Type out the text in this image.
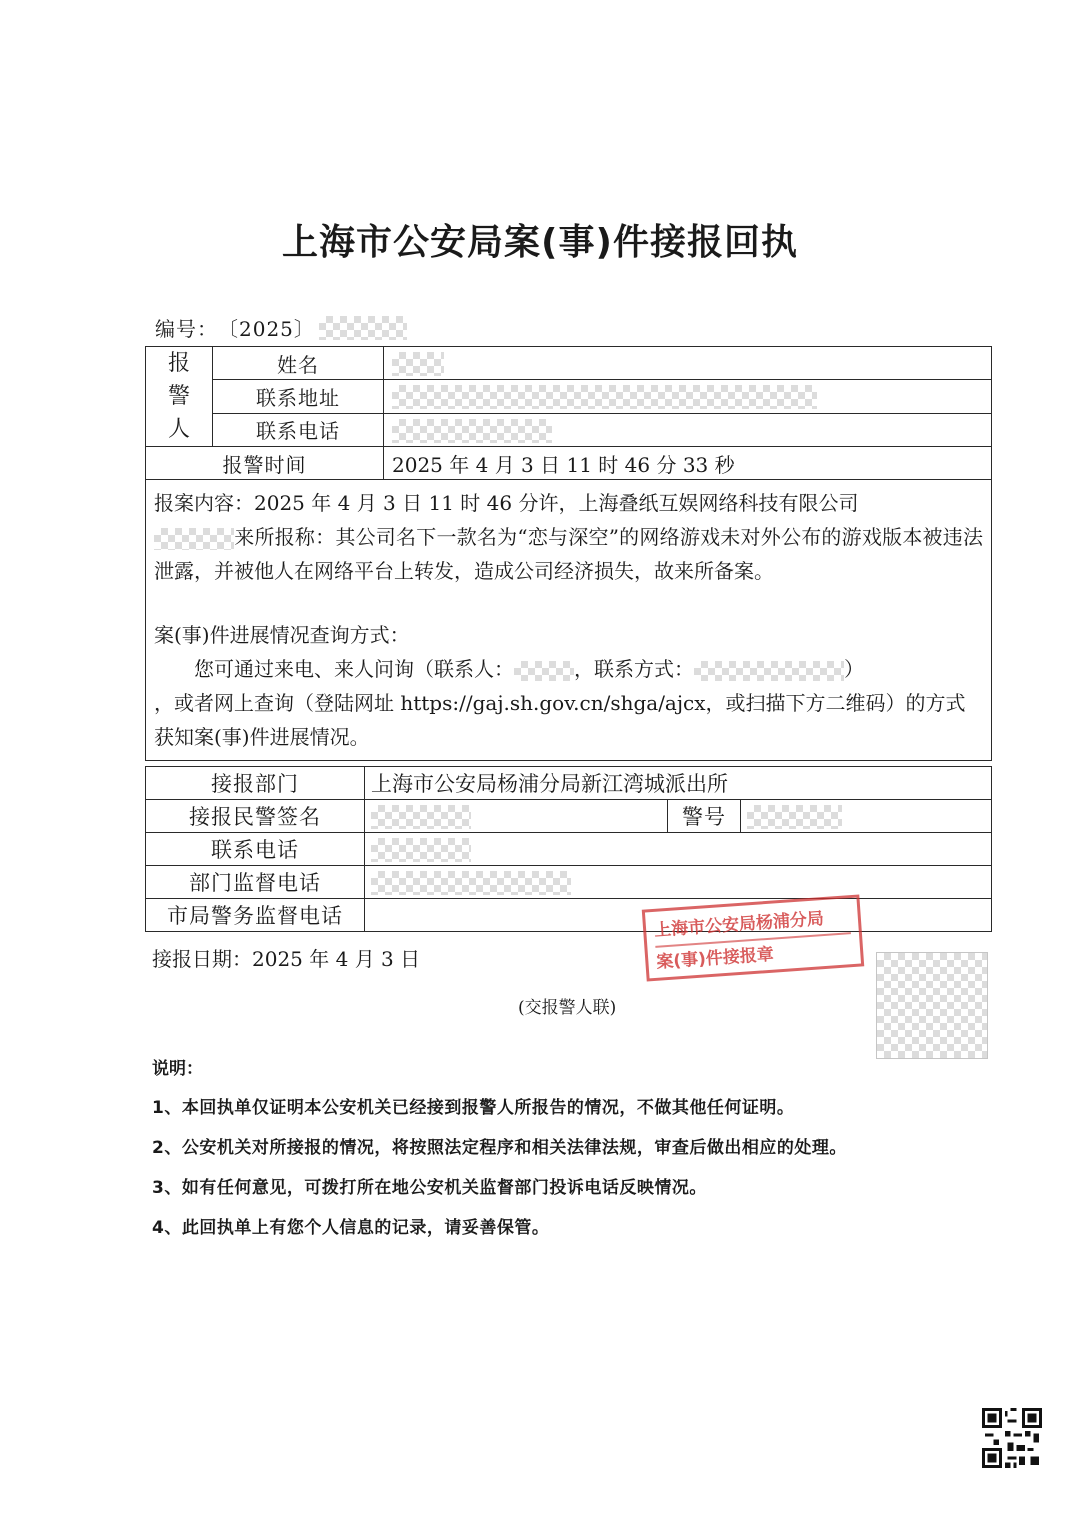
上海市公安局案(事)件接报回执
编号： 〔2025〕
报
警
人	姓名	
	联系地址	
	联系电话	
报警时间		2025 年 4 月 3 日 11 时 46 分 33 秒

报案内容：2025 年 4 月 3 日 11 时 46 分许，上海叠纸互娱网络科技有限公司
来所报称：其公司名下一款名为“恋与深空”的网络游戏未对外公布的游戏版本被违法泄露，并被他人在网络平台上转发，造成公司经济损失，故来所备案。
案(事)件进展情况查询方式：
您可通过来电、来人问询（联系人： ，联系方式： ）
，或者网上查询（登陆网址 https://gaj.sh.gov.cn/shga/ajcx，或扫描下方二维码）的方式获知案(事)件进展情况。		
接报部门	上海市公安局杨浦分局新江湾城派出所		
接报民警签名		警号	
联系电话			
部门监督电话			
市局警务监督电话			
接报日期：2025 年 4 月 3 日
上海市公安局杨浦分局
案(事)件接报章
(交报警人联)
说明：
1、本回执单仅证明本公安机关已经接到报警人所报告的情况，不做其他任何证明。
2、公安机关对所接报的情况，将按照法定程序和相关法律法规，审查后做出相应的处理。
3、如有任何意见，可拨打所在地公安机关监督部门投诉电话反映情况。
4、此回执单上有您个人信息的记录，请妥善保管。
